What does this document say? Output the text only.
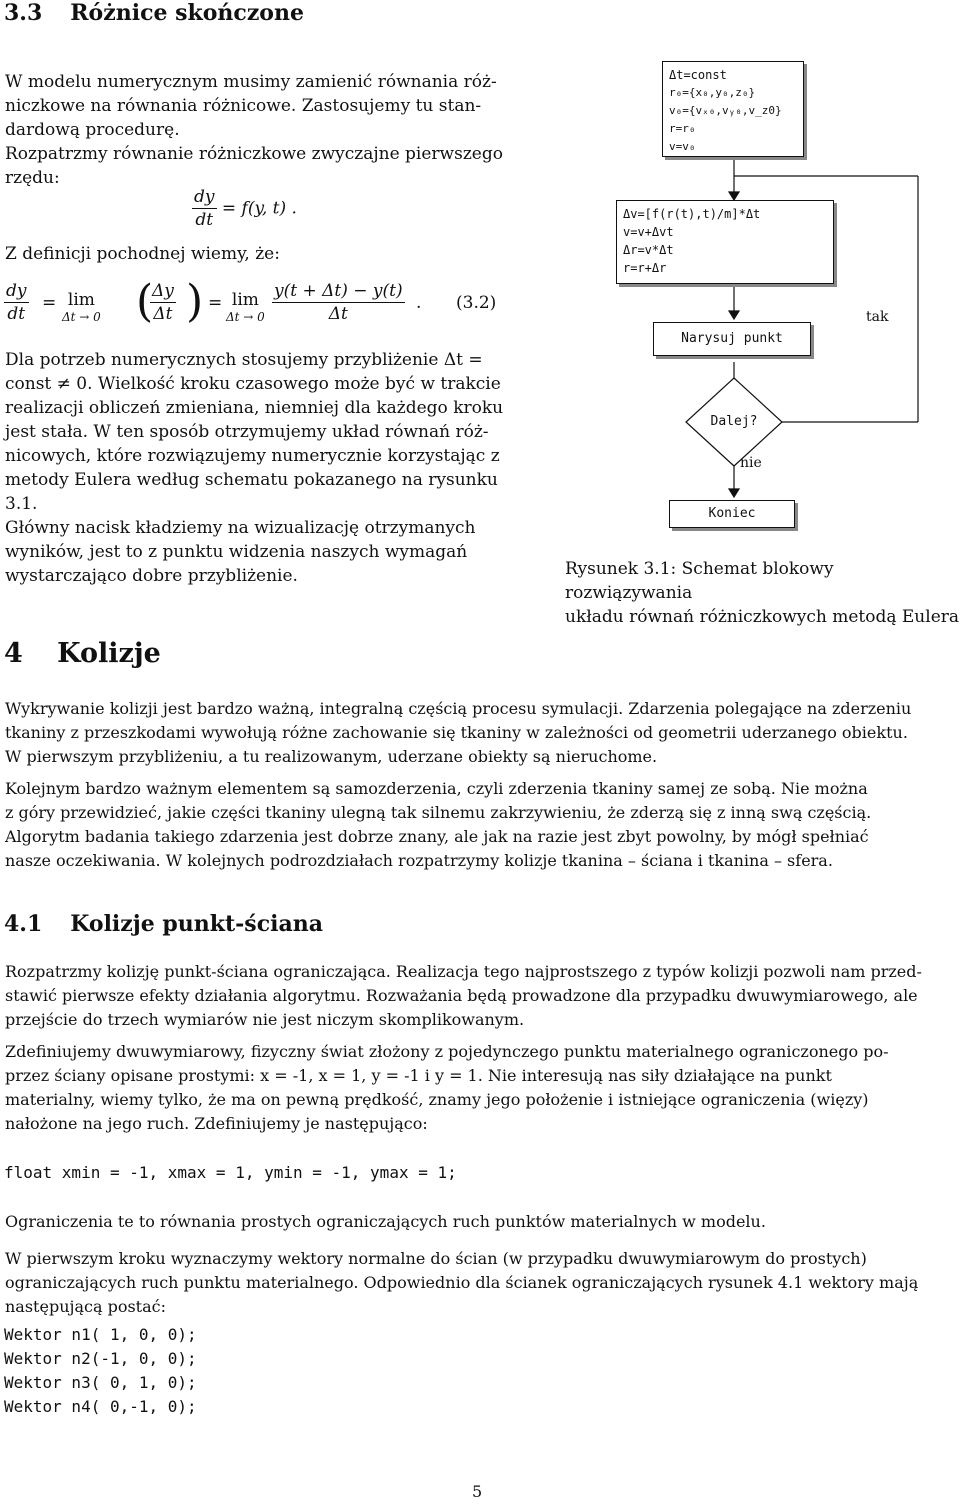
3.3 Różnice skończone
W modelu numerycznym musimy zamienić równania róż-
niczkowe na równania różnicowe. Zastosujemy tu stan-
dardową procedurę.
Rozpatrzmy równanie różniczkowe zwyczajne pierwszego
rzędu:
$\frac{dy}{dt} = f(y$, t) .
Z definicji pochodnej wiemy, że:
$\frac{dy}{dt} = \lim$
Δt → 0 (
$\frac{\Delta y}{\Delta t}$ ) = lim
$\Delta t \to 0 \frac{y(t + \Delta t) - y(t)}{\Delta t}$ . (3.2)
Dla potrzeb numerycznych stosujemy przybliżenie Δt =
const ≠ 0. Wielkość kroku czasowego może być w trakcie
realizacji obliczeń zmieniana, niemniej dla każdego kroku
jest stała. W ten sposób otrzymujemy układ równań róż-
nicowych, które rozwiązujemy numerycznie korzystając z
metody Eulera według schematu pokazanego na rysunku
3.1.
Główny nacisk kładziemy na wizualizację otrzymanych
wyników, jest to z punktu widzenia naszych wymagań
wystarczająco dobre przybliżenie.
Δt=const
r₀={x₀,y₀,z₀}
v₀={vₓ₀,vᵧ₀,v_z0}
r=r₀
v=v₀
Δv=[f(r(t),t)/m]*Δt
v=v+Δvt
Δr=v*Δt
r=r+Δr
Narysuj punkt
Dalej?
tak
nie
Koniec
Rysunek 3.1: Schemat blokowy rozwiązywania
układu równań różniczkowych metodą Eulera
4 Kolizje
Wykrywanie kolizji jest bardzo ważną, integralną częścią procesu symulacji. Zdarzenia polegające na zderzeniu
tkaniny z przeszkodami wywołują różne zachowanie się tkaniny w zależności od geometrii uderzanego obiektu.
W pierwszym przybliżeniu, a tu realizowanym, uderzane obiekty są nieruchome.
Kolejnym bardzo ważnym elementem są samozderzenia, czyli zderzenia tkaniny samej ze sobą. Nie można
z góry przewidzieć, jakie części tkaniny ulegną tak silnemu zakrzywieniu, że zderzą się z inną swą częścią.
Algorytm badania takiego zdarzenia jest dobrze znany, ale jak na razie jest zbyt powolny, by mógł spełniać
nasze oczekiwania. W kolejnych podrozdziałach rozpatrzymy kolizje tkanina – ściana i tkanina – sfera.
4.1 Kolizje punkt-ściana
Rozpatrzmy kolizję punkt-ściana ograniczająca. Realizacja tego najprostszego z typów kolizji pozwoli nam przed-
stawić pierwsze efekty działania algorytmu. Rozważania będą prowadzone dla przypadku dwuwymiarowego, ale
przejście do trzech wymiarów nie jest niczym skomplikowanym.
Zdefiniujemy dwuwymiarowy, fizyczny świat złożony z pojedynczego punktu materialnego ograniczonego po-
przez ściany opisane prostymi: x = -1, x = 1, y = -1 i y = 1. Nie interesują nas siły działające na punkt
materialny, wiemy tylko, że ma on pewną prędkość, znamy jego położenie i istniejące ograniczenia (więzy)
nałożone na jego ruch. Zdefiniujemy je następująco:
float xmin = -1, xmax = 1, ymin = -1, ymax = 1;
Ograniczenia te to równania prostych ograniczających ruch punktów materialnych w modelu.
W pierwszym kroku wyznaczymy wektory normalne do ścian (w przypadku dwuwymiarowym do prostych)
ograniczających ruch punktu materialnego. Odpowiednio dla ścianek ograniczających rysunek 4.1 wektory mają
następującą postać:
Wektor n1( 1, 0, 0);
Wektor n2(-1, 0, 0);
Wektor n3( 0, 1, 0);
Wektor n4( 0,-1, 0);
5
